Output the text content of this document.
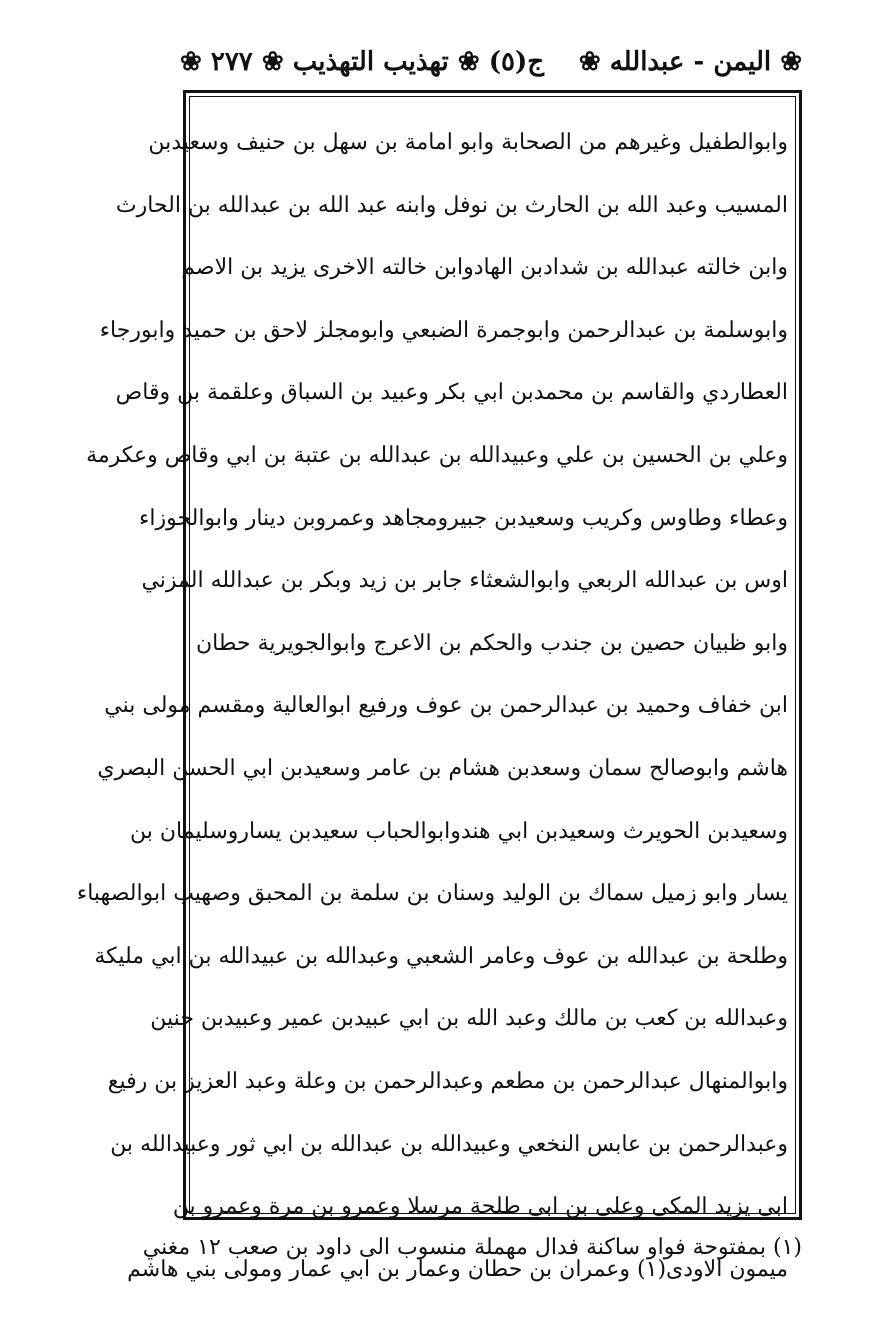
ج(٥) ❀ تهذيب التهذيب ❀ ٢٧٧ ❀	❀ اليمن - عبدالله ❀
وابوالطفيل وغيرهم من الصحابة وابو امامة بن سهل بن حنيف وسعيدبن
المسيب وعبد الله بن الحارث بن نوفل وابنه عبد الله بن عبدالله بن الحارث
وابن خالته عبدالله بن شدادبن الهادوابن خالته الاخرى يزيد بن الاصم
وابوسلمة بن عبدالرحمن وابوجمرة الضبعي وابومجلز لاحق بن حميد وابورجاء
العطاردي والقاسم بن محمدبن ابي بكر وعبيد بن السباق وعلقمة بن وقاص
وعلي بن الحسين بن علي وعبيدالله بن عبدالله بن عتبة بن ابي وقاص وعكرمة
وعطاء وطاوس وكريب وسعيدبن جبيرومجاهد وعمروبن دينار وابوالجوزاء
اوس بن عبدالله الربعي وابوالشعثاء جابر بن زيد وبكر بن عبدالله المزني
وابو ظبيان حصين بن جندب والحكم بن الاعرج وابوالجويرية حطان
ابن خفاف وحميد بن عبدالرحمن بن عوف ورفيع ابوالعالية ومقسم مولى بني
هاشم وابوصالح سمان وسعدبن هشام بن عامر وسعيدبن ابي الحسن البصري
وسعيدبن الحويرث وسعيدبن ابي هندوابوالحباب سعيدبن يساروسليمان بن
يسار وابو زميل سماك بن الوليد وسنان بن سلمة بن المحبق وصهيب ابوالصهباء
وطلحة بن عبدالله بن عوف وعامر الشعبي وعبدالله بن عبيدالله بن ابي مليكة
وعبدالله بن كعب بن مالك وعبد الله بن ابي عبيدبن عمير وعبيدبن حنين
وابوالمنهال عبدالرحمن بن مطعم وعبدالرحمن بن وعلة وعبد العزيز بن رفيع
وعبدالرحمن بن عابس النخعي وعبيدالله بن عبدالله بن ابي ثور وعبيدالله بن
ابي يزيد المكي وعلي بن ابي طلحة مرسلا وعمرو بن مرة وعمرو بن
ميمون الاودى(١) وعمران بن حطان وعمار بن ابي عمار ومولى بني هاشم
(١) بمفتوحة فواو ساكنة فدال مهملة منسوب الى داود بن صعب ١٢ مغني
